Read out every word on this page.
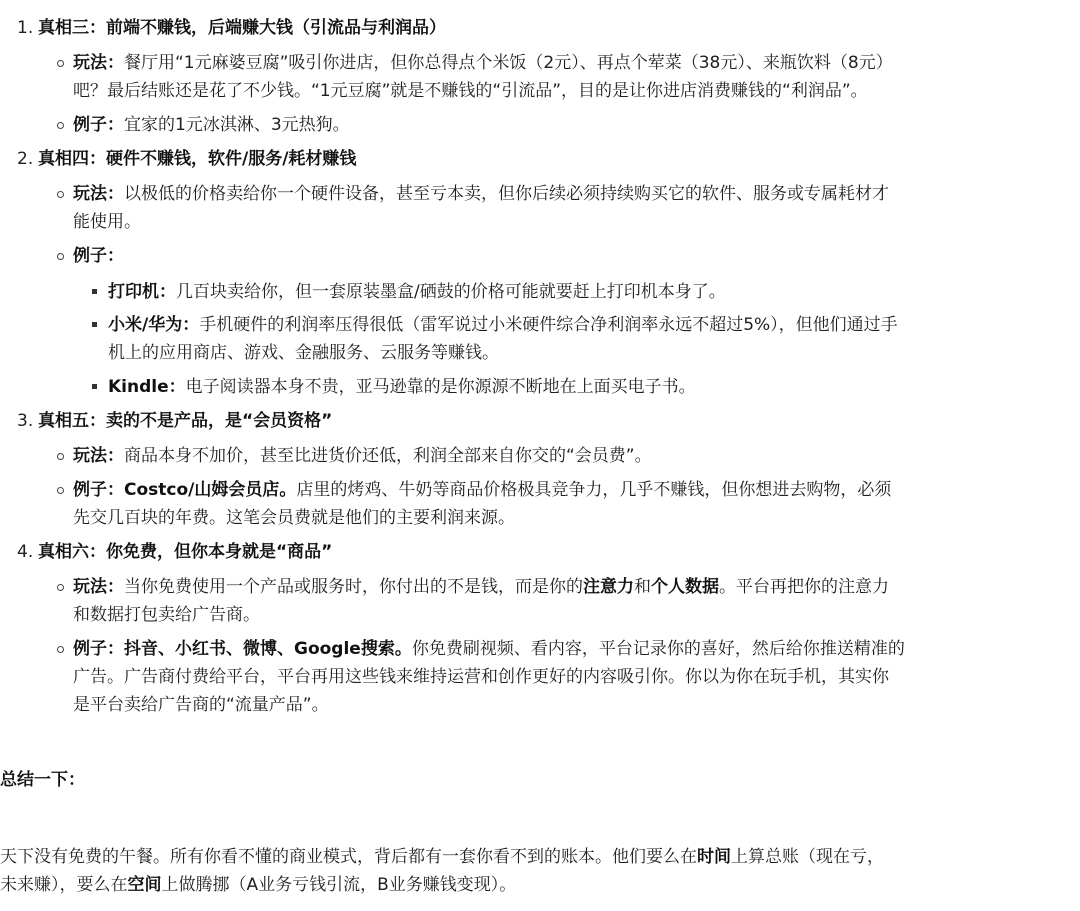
1. 真相三：前端不赚钱，后端赚大钱（引流品与利润品）
玩法：餐厅用“1元麻婆豆腐”吸引你进店，但你总得点个米饭（2元）、再点个荤菜（38元）、来瓶饮料（8元）
吧？最后结账还是花了不少钱。“1元豆腐”就是不赚钱的“引流品”，目的是让你进店消费赚钱的“利润品”。
例子：宜家的1元冰淇淋、3元热狗。
2. 真相四：硬件不赚钱，软件/服务/耗材赚钱
玩法：以极低的价格卖给你一个硬件设备，甚至亏本卖，但你后续必须持续购买它的软件、服务或专属耗材才
能使用。
例子：
打印机：几百块卖给你，但一套原装墨盒/硒鼓的价格可能就要赶上打印机本身了。
小米/华为：手机硬件的利润率压得很低（雷军说过小米硬件综合净利润率永远不超过5%），但他们通过手
机上的应用商店、游戏、金融服务、云服务等赚钱。
Kindle：电子阅读器本身不贵，亚马逊靠的是你源源不断地在上面买电子书。
3. 真相五：卖的不是产品，是“会员资格”
玩法：商品本身不加价，甚至比进货价还低，利润全部来自你交的“会员费”。
例子：Costco/山姆会员店。店里的烤鸡、牛奶等商品价格极具竞争力，几乎不赚钱，但你想进去购物，必须
先交几百块的年费。这笔会员费就是他们的主要利润来源。
4. 真相六：你免费，但你本身就是“商品”
玩法：当你免费使用一个产品或服务时，你付出的不是钱，而是你的注意力和个人数据。平台再把你的注意力
和数据打包卖给广告商。
例子：抖音、小红书、微博、Google搜索。你免费刷视频、看内容，平台记录你的喜好，然后给你推送精准的
广告。广告商付费给平台，平台再用这些钱来维持运营和创作更好的内容吸引你。你以为你在玩手机，其实你
是平台卖给广告商的“流量产品”。
总结一下：
天下没有免费的午餐。所有你看不懂的商业模式，背后都有一套你看不到的账本。他们要么在时间上算总账（现在亏，
未来赚），要么在空间上做腾挪（A业务亏钱引流，B业务赚钱变现）。
